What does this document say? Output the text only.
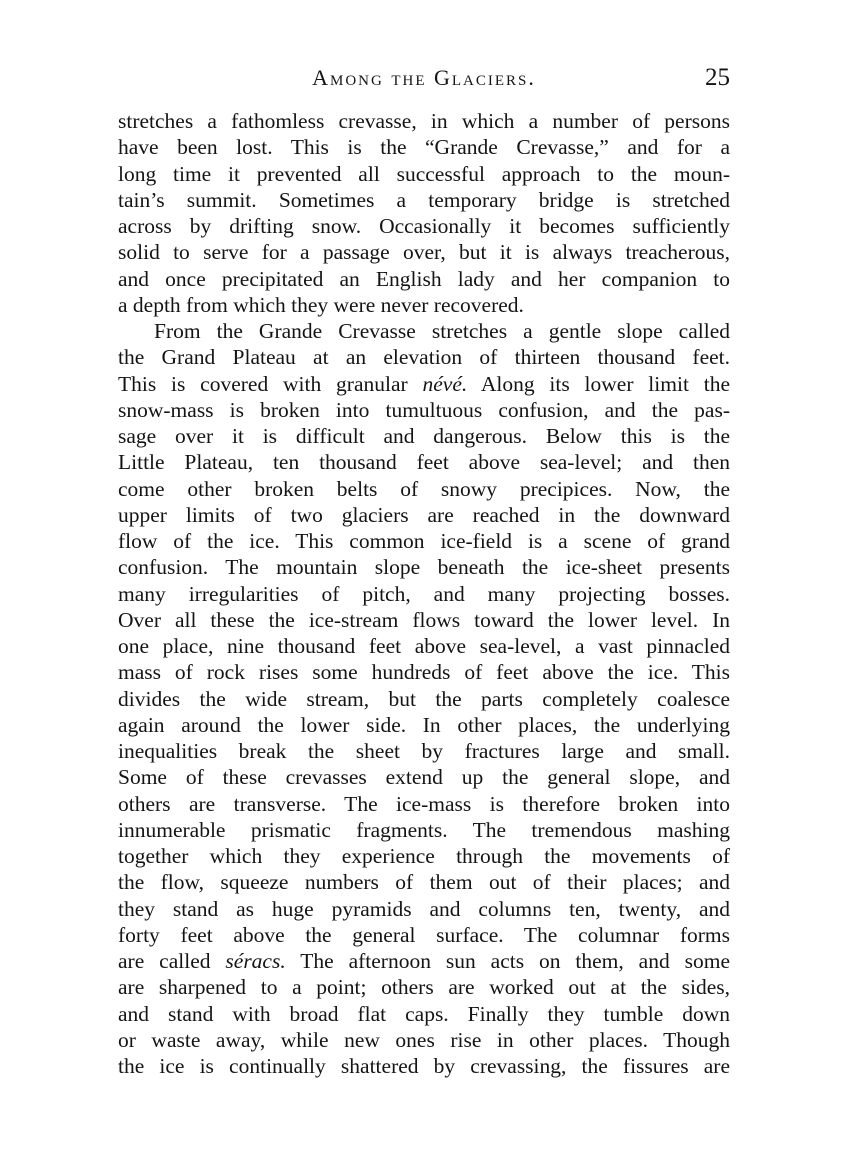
Among the Glaciers.	25
stretches a fathomless crevasse, in which a number of persons
have been lost. This is the “Grande Crevasse,” and for a
long time it prevented all successful approach to the moun-
tain’s summit. Sometimes a temporary bridge is stretched
across by drifting snow. Occasionally it becomes sufficiently
solid to serve for a passage over, but it is always treacherous,
and once precipitated an English lady and her companion to
a depth from which they were never recovered.
From the Grande Crevasse stretches a gentle slope called
the Grand Plateau at an elevation of thirteen thousand feet.
This is covered with granular névé. Along its lower limit the
snow-mass is broken into tumultuous confusion, and the pas-
sage over it is difficult and dangerous. Below this is the
Little Plateau, ten thousand feet above sea-level; and then
come other broken belts of snowy precipices. Now, the
upper limits of two glaciers are reached in the downward
flow of the ice. This common ice-field is a scene of grand
confusion. The mountain slope beneath the ice-sheet presents
many irregularities of pitch, and many projecting bosses.
Over all these the ice-stream flows toward the lower level. In
one place, nine thousand feet above sea-level, a vast pinnacled
mass of rock rises some hundreds of feet above the ice. This
divides the wide stream, but the parts completely coalesce
again around the lower side. In other places, the underlying
inequalities break the sheet by fractures large and small.
Some of these crevasses extend up the general slope, and
others are transverse. The ice-mass is therefore broken into
innumerable prismatic fragments. The tremendous mashing
together which they experience through the movements of
the flow, squeeze numbers of them out of their places; and
they stand as huge pyramids and columns ten, twenty, and
forty feet above the general surface. The columnar forms
are called séracs. The afternoon sun acts on them, and some
are sharpened to a point; others are worked out at the sides,
and stand with broad flat caps. Finally they tumble down
or waste away, while new ones rise in other places. Though
the ice is continually shattered by crevassing, the fissures are
